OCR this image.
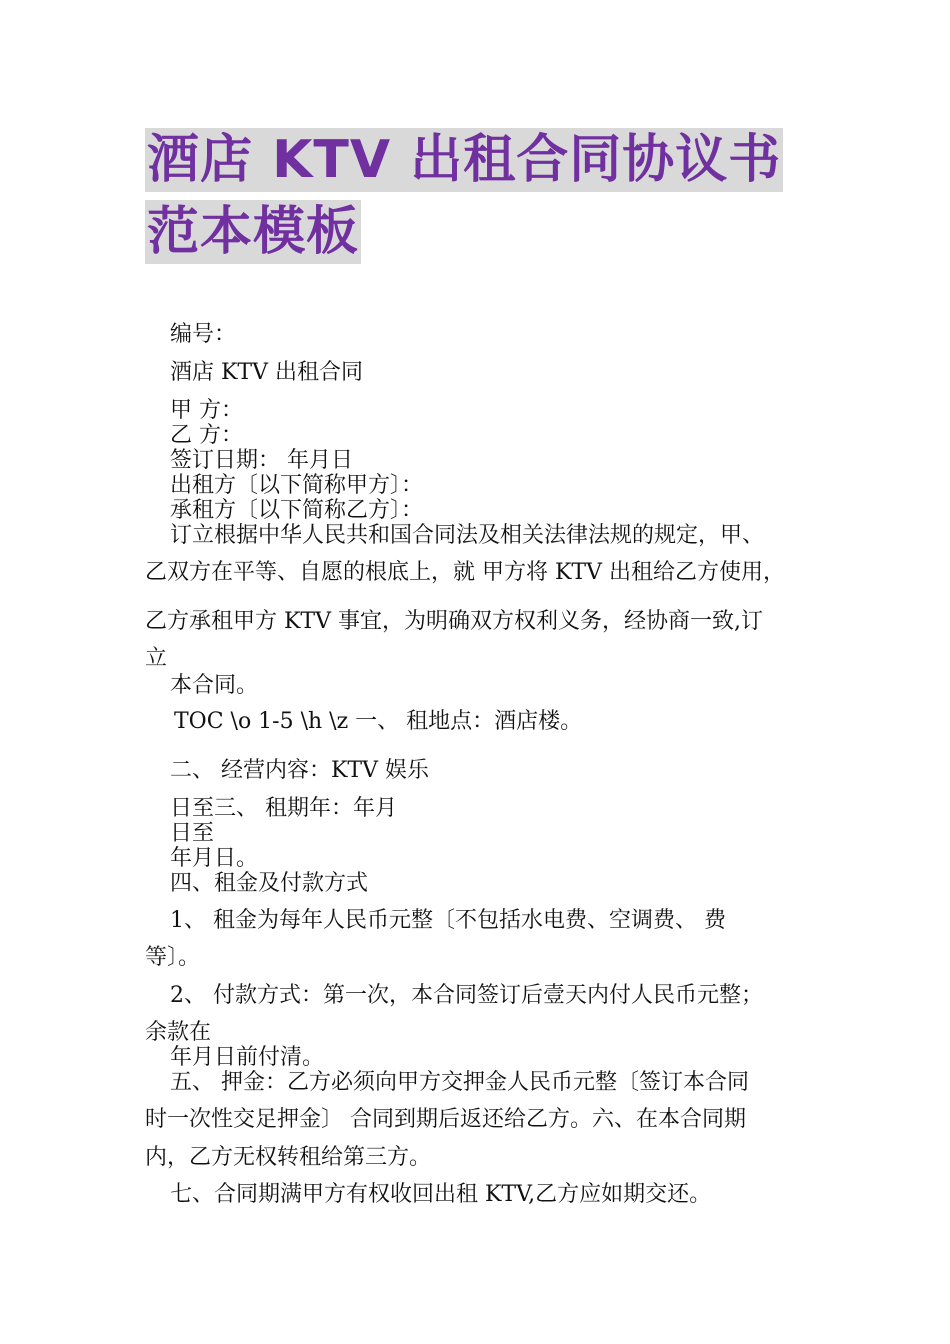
酒店 KTV 出租合同协议书
范本模板
编号：
酒店 KTV 出租合同
甲 方：
乙 方：
签订日期： 年月日
出租方〔以下简称甲方〕：
承租方〔以下简称乙方〕：
订立根据中华人民共和国合同法及相关法律法规的规定，甲、
乙双方在平等、自愿的根底上，就 甲方将 KTV 出租给乙方使用，
乙方承租甲方 KTV 事宜，为明确双方权利义务，经协商一致,订
立
本合同。
TOC \o 1-5 \h \z 一、 租地点：酒店楼。
二、 经营内容：KTV 娱乐
日至三、 租期年：年月
日至
年月日。
四、租金及付款方式
1、 租金为每年人民币元整〔不包括水电费、空调费、 费
等〕。
2、 付款方式：第一次，本合同签订后壹天内付人民币元整；
余款在
年月日前付清。
五、 押金：乙方必须向甲方交押金人民币元整〔签订本合同
时一次性交足押金〕 合同到期后返还给乙方。六、在本合同期
内，乙方无权转租给第三方。
七、合同期满甲方有权收回出租 KTV,乙方应如期交还。
